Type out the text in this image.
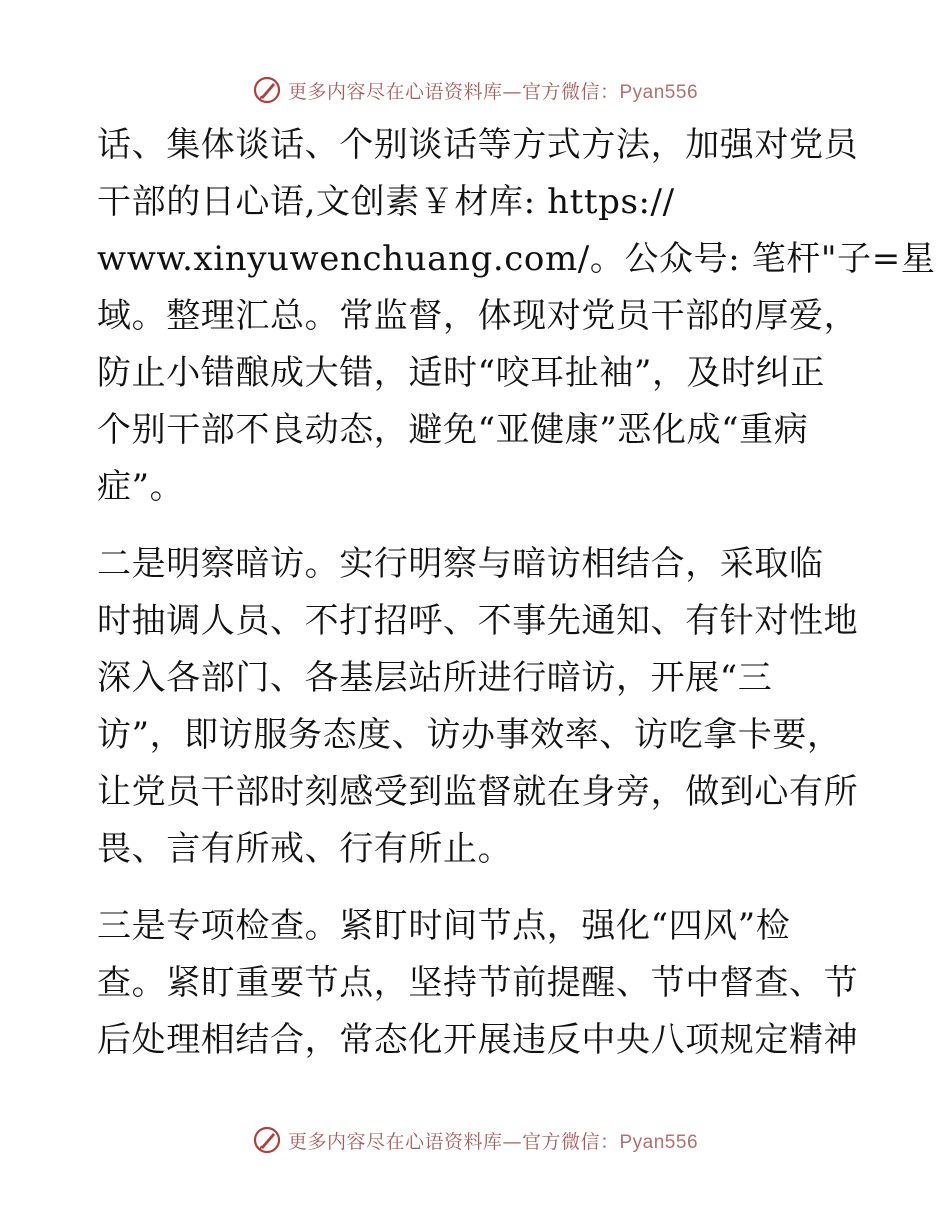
更多内容尽在心语资料库—官方微信：Pyan556
话、集体谈话、个别谈话等方式方法，加强对党员
干部的日心语,文创素￥材库: https://
www.xinyuwenchuang.com/。公众号: 笔杆"子=星
域。整理汇总。常监督，体现对党员干部的厚爱，
防止小错酿成大错，适时“咬耳扯袖”，及时纠正
个别干部不良动态，避免“亚健康”恶化成“重病
症”。
二是明察暗访。实行明察与暗访相结合，采取临
时抽调人员、不打招呼、不事先通知、有针对性地
深入各部门、各基层站所进行暗访，开展“三
访”，即访服务态度、访办事效率、访吃拿卡要，
让党员干部时刻感受到监督就在身旁，做到心有所
畏、言有所戒、行有所止。
三是专项检查。紧盯时间节点，强化“四风”检
查。紧盯重要节点，坚持节前提醒、节中督查、节
后处理相结合，常态化开展违反中央八项规定精神
更多内容尽在心语资料库—官方微信：Pyan556
